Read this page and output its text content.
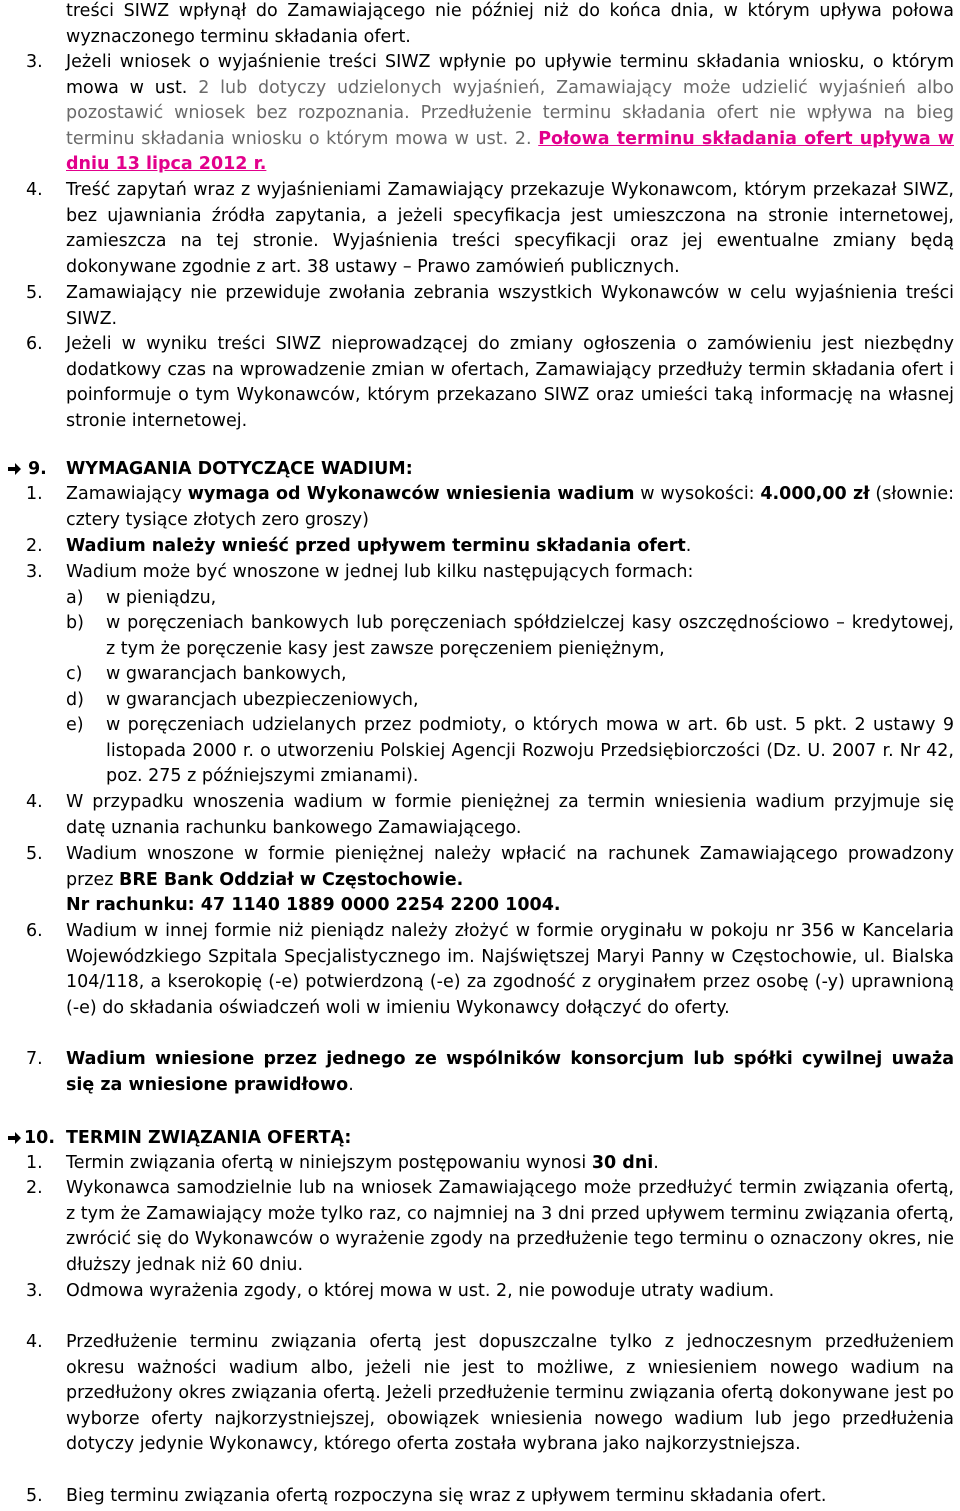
treści SIWZ wpłynął do Zamawiającego nie później niż do końca dnia, w którym upływa połowa wyznaczonego terminu składania ofert.

3. Jeżeli wniosek o wyjaśnienie treści SIWZ wpłynie po upływie terminu składania wniosku, o którym mowa w ust. 2 lub dotyczy udzielonych wyjaśnień, Zamawiający może udzielić wyjaśnień albo pozostawić wniosek bez rozpoznania. Przedłużenie terminu składania ofert nie wpływa na bieg terminu składania wniosku o którym mowa w ust. 2. Połowa terminu składania ofert upływa w dniu 13 lipca 2012 r.

4. Treść zapytań wraz z wyjaśnieniami Zamawiający przekazuje Wykonawcom, którym przekazał SIWZ, bez ujawniania źródła zapytania, a jeżeli specyfikacja jest umieszczona na stronie internetowej, zamieszcza na tej stronie. Wyjaśnienia treści specyfikacji oraz jej ewentualne zmiany będą dokonywane zgodnie z art. 38 ustawy – Prawo zamówień publicznych.

5. Zamawiający nie przewiduje zwołania zebrania wszystkich Wykonawców w celu wyjaśnienia treści SIWZ.

6. Jeżeli w wyniku treści SIWZ nieprowadzącej do zmiany ogłoszenia o zamówieniu jest niezbędny dodatkowy czas na wprowadzenie zmian w ofertach, Zamawiający przedłuży termin składania ofert i poinformuje o tym Wykonawców, którym przekazano SIWZ oraz umieści taką informację na własnej stronie internetowej.

9. WYMAGANIA DOTYCZĄCE WADIUM:

1. Zamawiający wymaga od Wykonawców wniesienia wadium w wysokości: 4.000,00 zł (słownie: cztery tysiące złotych zero groszy)

2. Wadium należy wnieść przed upływem terminu składania ofert.

3. Wadium może być wnoszone w jednej lub kilku następujących formach:

a) w pieniądzu,

b) w poręczeniach bankowych lub poręczeniach spółdzielczej kasy oszczędnościowo – kredytowej, z tym że poręczenie kasy jest zawsze poręczeniem pieniężnym,

c) w gwarancjach bankowych,

d) w gwarancjach ubezpieczeniowych,

e) w poręczeniach udzielanych przez podmioty, o których mowa w art. 6b ust. 5 pkt. 2 ustawy 9 listopada 2000 r. o utworzeniu Polskiej Agencji Rozwoju Przedsiębiorczości (Dz. U. 2007 r. Nr 42, poz. 275 z późniejszymi zmianami).

4. W przypadku wnoszenia wadium w formie pieniężnej za termin wniesienia wadium przyjmuje się datę uznania rachunku bankowego Zamawiającego.

5. Wadium wnoszone w formie pieniężnej należy wpłacić na rachunek Zamawiającego prowadzony przez BRE Bank Oddział w Częstochowie.
Nr rachunku: 47 1140 1889 0000 2254 2200 1004.

6. Wadium w innej formie niż pieniądz należy złożyć w formie oryginału w pokoju nr 356 w Kancelaria Wojewódzkiego Szpitala Specjalistycznego im. Najświętszej Maryi Panny w Częstochowie, ul. Bialska 104/118, a kserokopię (-e) potwierdzoną (-e) za zgodność z oryginałem przez osobę (-y) uprawnioną (-e) do składania oświadczeń woli w imieniu Wykonawcy dołączyć do oferty.

7. Wadium wniesione przez jednego ze wspólników konsorcjum lub spółki cywilnej uważa się za wniesione prawidłowo.

10. TERMIN ZWIĄZANIA OFERTĄ:

1. Termin związania ofertą w niniejszym postępowaniu wynosi 30 dni.

2. Wykonawca samodzielnie lub na wniosek Zamawiającego może przedłużyć termin związania ofertą, z tym że Zamawiający może tylko raz, co najmniej na 3 dni przed upływem terminu związania ofertą, zwrócić się do Wykonawców o wyrażenie zgody na przedłużenie tego terminu o oznaczony okres, nie dłuższy jednak niż 60 dniu.

3. Odmowa wyrażenia zgody, o której mowa w ust. 2, nie powoduje utraty wadium.

4. Przedłużenie terminu związania ofertą jest dopuszczalne tylko z jednoczesnym przedłużeniem okresu ważności wadium albo, jeżeli nie jest to możliwe, z wniesieniem nowego wadium na przedłużony okres związania ofertą. Jeżeli przedłużenie terminu związania ofertą dokonywane jest po wyborze oferty najkorzystniejszej, obowiązek wniesienia nowego wadium lub jego przedłużenia dotyczy jedynie Wykonawcy, którego oferta została wybrana jako najkorzystniejsza.

5. Bieg terminu związania ofertą rozpoczyna się wraz z upływem terminu składania ofert.
